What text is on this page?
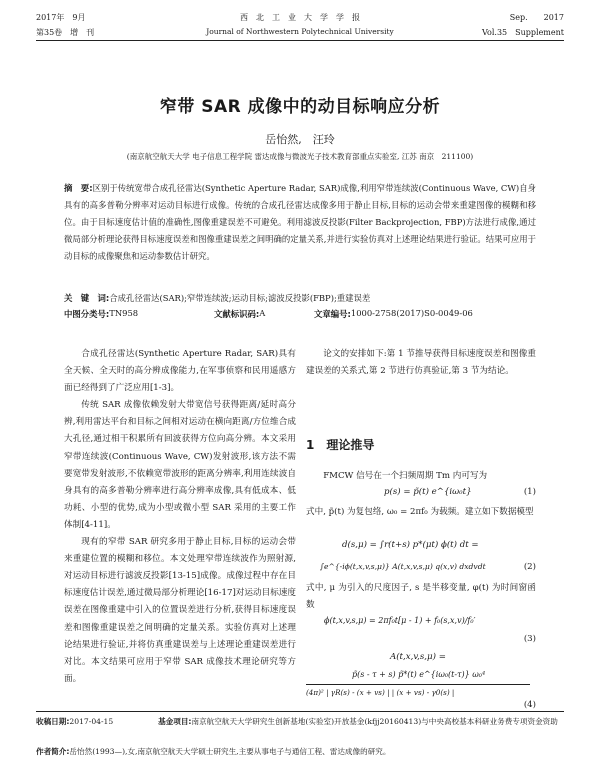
2017年　9月	西　北　工　业　大　学　学　报	Sep.　　2017
第35卷　增　刊	Journal of Northwestern Polytechnical University	Vol.35　Supplement
窄带 SAR 成像中的动目标响应分析
岳怡然,　汪玲
(南京航空航天大学 电子信息工程学院 雷达成像与微波光子技术教育部重点实验室, 江苏 南京　211100)
摘　要:区别于传统宽带合成孔径雷达(Synthetic Aperture Radar, SAR)成像,利用窄带连续波(Continuous Wave, CW)自身具有的高多普勒分辨率对运动目标进行成像。传统的合成孔径雷达成像多用于静止目标,目标的运动会带来重建图像的模糊和移位。由于目标速度估计值的准确性,图像重建误差不可避免。利用滤波反投影(Filter Backprojection, FBP)方法进行成像,通过微局部分析理论获得目标速度误差和图像重建误差之间明确的定量关系,并进行实验仿真对上述理论结果进行验证。结果可应用于动目标的成像聚焦和运动参数估计研究。
关　键　词:合成孔径雷达(SAR);窄带连续波;运动目标;滤波反投影(FBP);重建误差
中图分类号: TN958	文献标识码: A	文章编号: 1000-2758(2017)S0-0049-06

合成孔径雷达(Synthetic Aperture Radar, SAR)具有全天候、全天时的高分辨成像能力,在军事侦察和民用遥感方面已经得到了广泛应用[1-3]。

传统 SAR 成像依赖发射大带宽信号获得距离/延时高分辨,利用雷达平台和目标之间相对运动在横向距离/方位维合成大孔径,通过相干积累所有回波获得方位向高分辨。本文采用窄带连续波(Continuous Wave, CW)发射波形,该方法不需要宽带发射波形,不依赖宽带波形的距离分辨率,利用连续波自身具有的高多普勒分辨率进行高分辨率成像,具有低成本、低功耗、小型的优势,成为小型或微小型 SAR 采用的主要工作体制[4-11]。

现有的窄带 SAR 研究多用于静止目标,目标的运动会带来重建位置的模糊和移位。本文处理窄带连续波作为照射源,对运动目标进行滤波反投影[13-15]成像。成像过程中存在目标速度估计误差,通过微局部分析理论[16-17]对运动目标速度误差在图像重建中引入的位置误差进行分析,获得目标速度误差和图像重建误差之间明确的定量关系。实验仿真对上述理论结果进行验证,并将仿真重建误差与上述理论重建误差进行对比。本文结果可应用于窄带 SAR 成像技术理论研究等方面。

论文的安排如下:第 1 节推导获得目标速度误差和图像重建误差的关系式,第 2 节进行仿真验证,第 3 节为结论。
1　理论推导
FMCW 信号在一个扫频周期 Tm 内可写为
p(s) = p̃(t) e^{iω₀t}	(1)
式中, p̃(t) 为复包络, ω₀ = 2πf₀ 为载频。建立如下数据模型
d(s,μ) = ∫r(t+s) p*(μt) ϕ(t) dt =
∫e^{-iϕ(t,x,v,s,μ)} A(t,x,v,s,μ) q(x,v) dxdvdt	(2)
式中, μ 为引入的尺度因子, s 是半移变量, φ(t) 为时间窗函数
ϕ(t,x,v,s,μ) = 2πf₀t[μ - 1) + f₀(s,x,v)/f₀′
(3)
A(t,x,v,s,μ) =
p̃(s - τ + s) p̃*(t) e^{iω₀(t-τ)} ω₀⁴
(4π)² | γR(s) - (x + vs) | | (x + vs) - γ0(s) |
(4)
收稿日期:2017-04-15	基金项目:南京航空航天大学研究生创新基地(实验室)开放基金(kfjj20160413)与中央高校基本科研业务费专项资金资助
作者简介:岳怡然(1993—),女,南京航空航天大学硕士研究生,主要从事电子与通信工程、雷达成像的研究。
